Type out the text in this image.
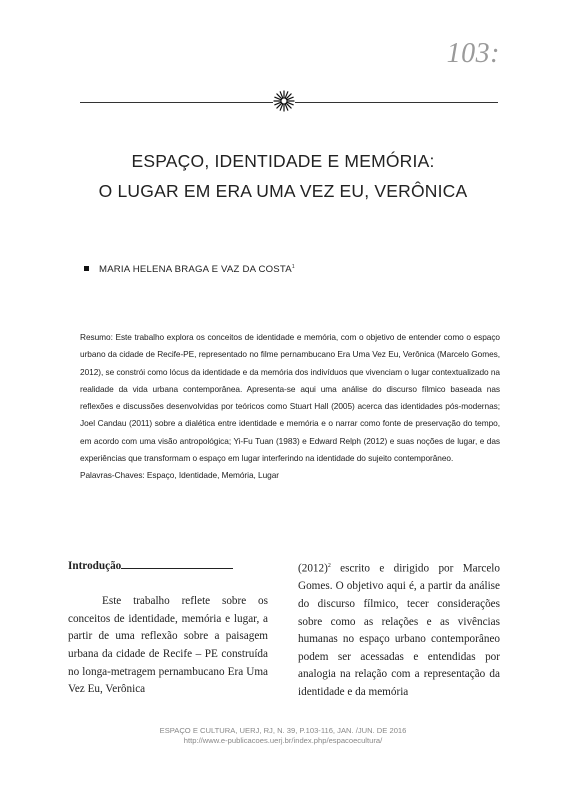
103:
ESPAÇO, IDENTIDADE E MEMÓRIA:
O LUGAR EM ERA UMA VEZ EU, VERÔNICA
MARIA HELENA BRAGA E VAZ DA COSTA$^1$

Resumo: Este trabalho explora os conceitos de identidade e memória, com o objetivo de entender como o espaço urbano da cidade de Recife-PE, representado no filme pernambucano Era Uma Vez Eu, Verônica (Marcelo Gomes, 2012), se constrói como lócus da identidade e da memória dos indivíduos que vivenciam o lugar contextualizado na realidade da vida urbana contemporânea. Apresenta-se aqui uma análise do discurso fílmico baseada nas reflexões e discussões desenvolvidas por teóricos como Stuart Hall (2005) acerca das identidades pós-modernas; Joel Candau (2011) sobre a dialética entre identidade e memória e o narrar como fonte de preservação do tempo, em acordo com uma visão antropológica; Yi-Fu Tuan (1983) e Edward Relph (2012) e suas noções de lugar, e das experiências que transformam o espaço em lugar interferindo na identidade do sujeito contemporâneo.

Palavras-Chaves: Espaço, Identidade, Memória, Lugar

Introdução

Este trabalho reflete sobre os conceitos de identidade, memória e lugar, a partir de uma reflexão sobre a paisagem urbana da cidade de Recife – PE construída no longa-metragem pernambucano Era Uma Vez Eu, Verônica

$(2012)^2$ escrito e dirigido por Marcelo Gomes. O objetivo aqui é, a partir da análise do discurso fílmico, tecer considerações sobre como as relações e as vivências humanas no espaço urbano contemporâneo podem ser acessadas e entendidas por analogia na relação com a representação da identidade e da memória

ESPAÇO E CULTURA, UERJ, RJ, N. 39, P.103-116, JAN. /JUN. DE 2016
http://www.e-publicacoes.uerj.br/index.php/espacoecultura/
